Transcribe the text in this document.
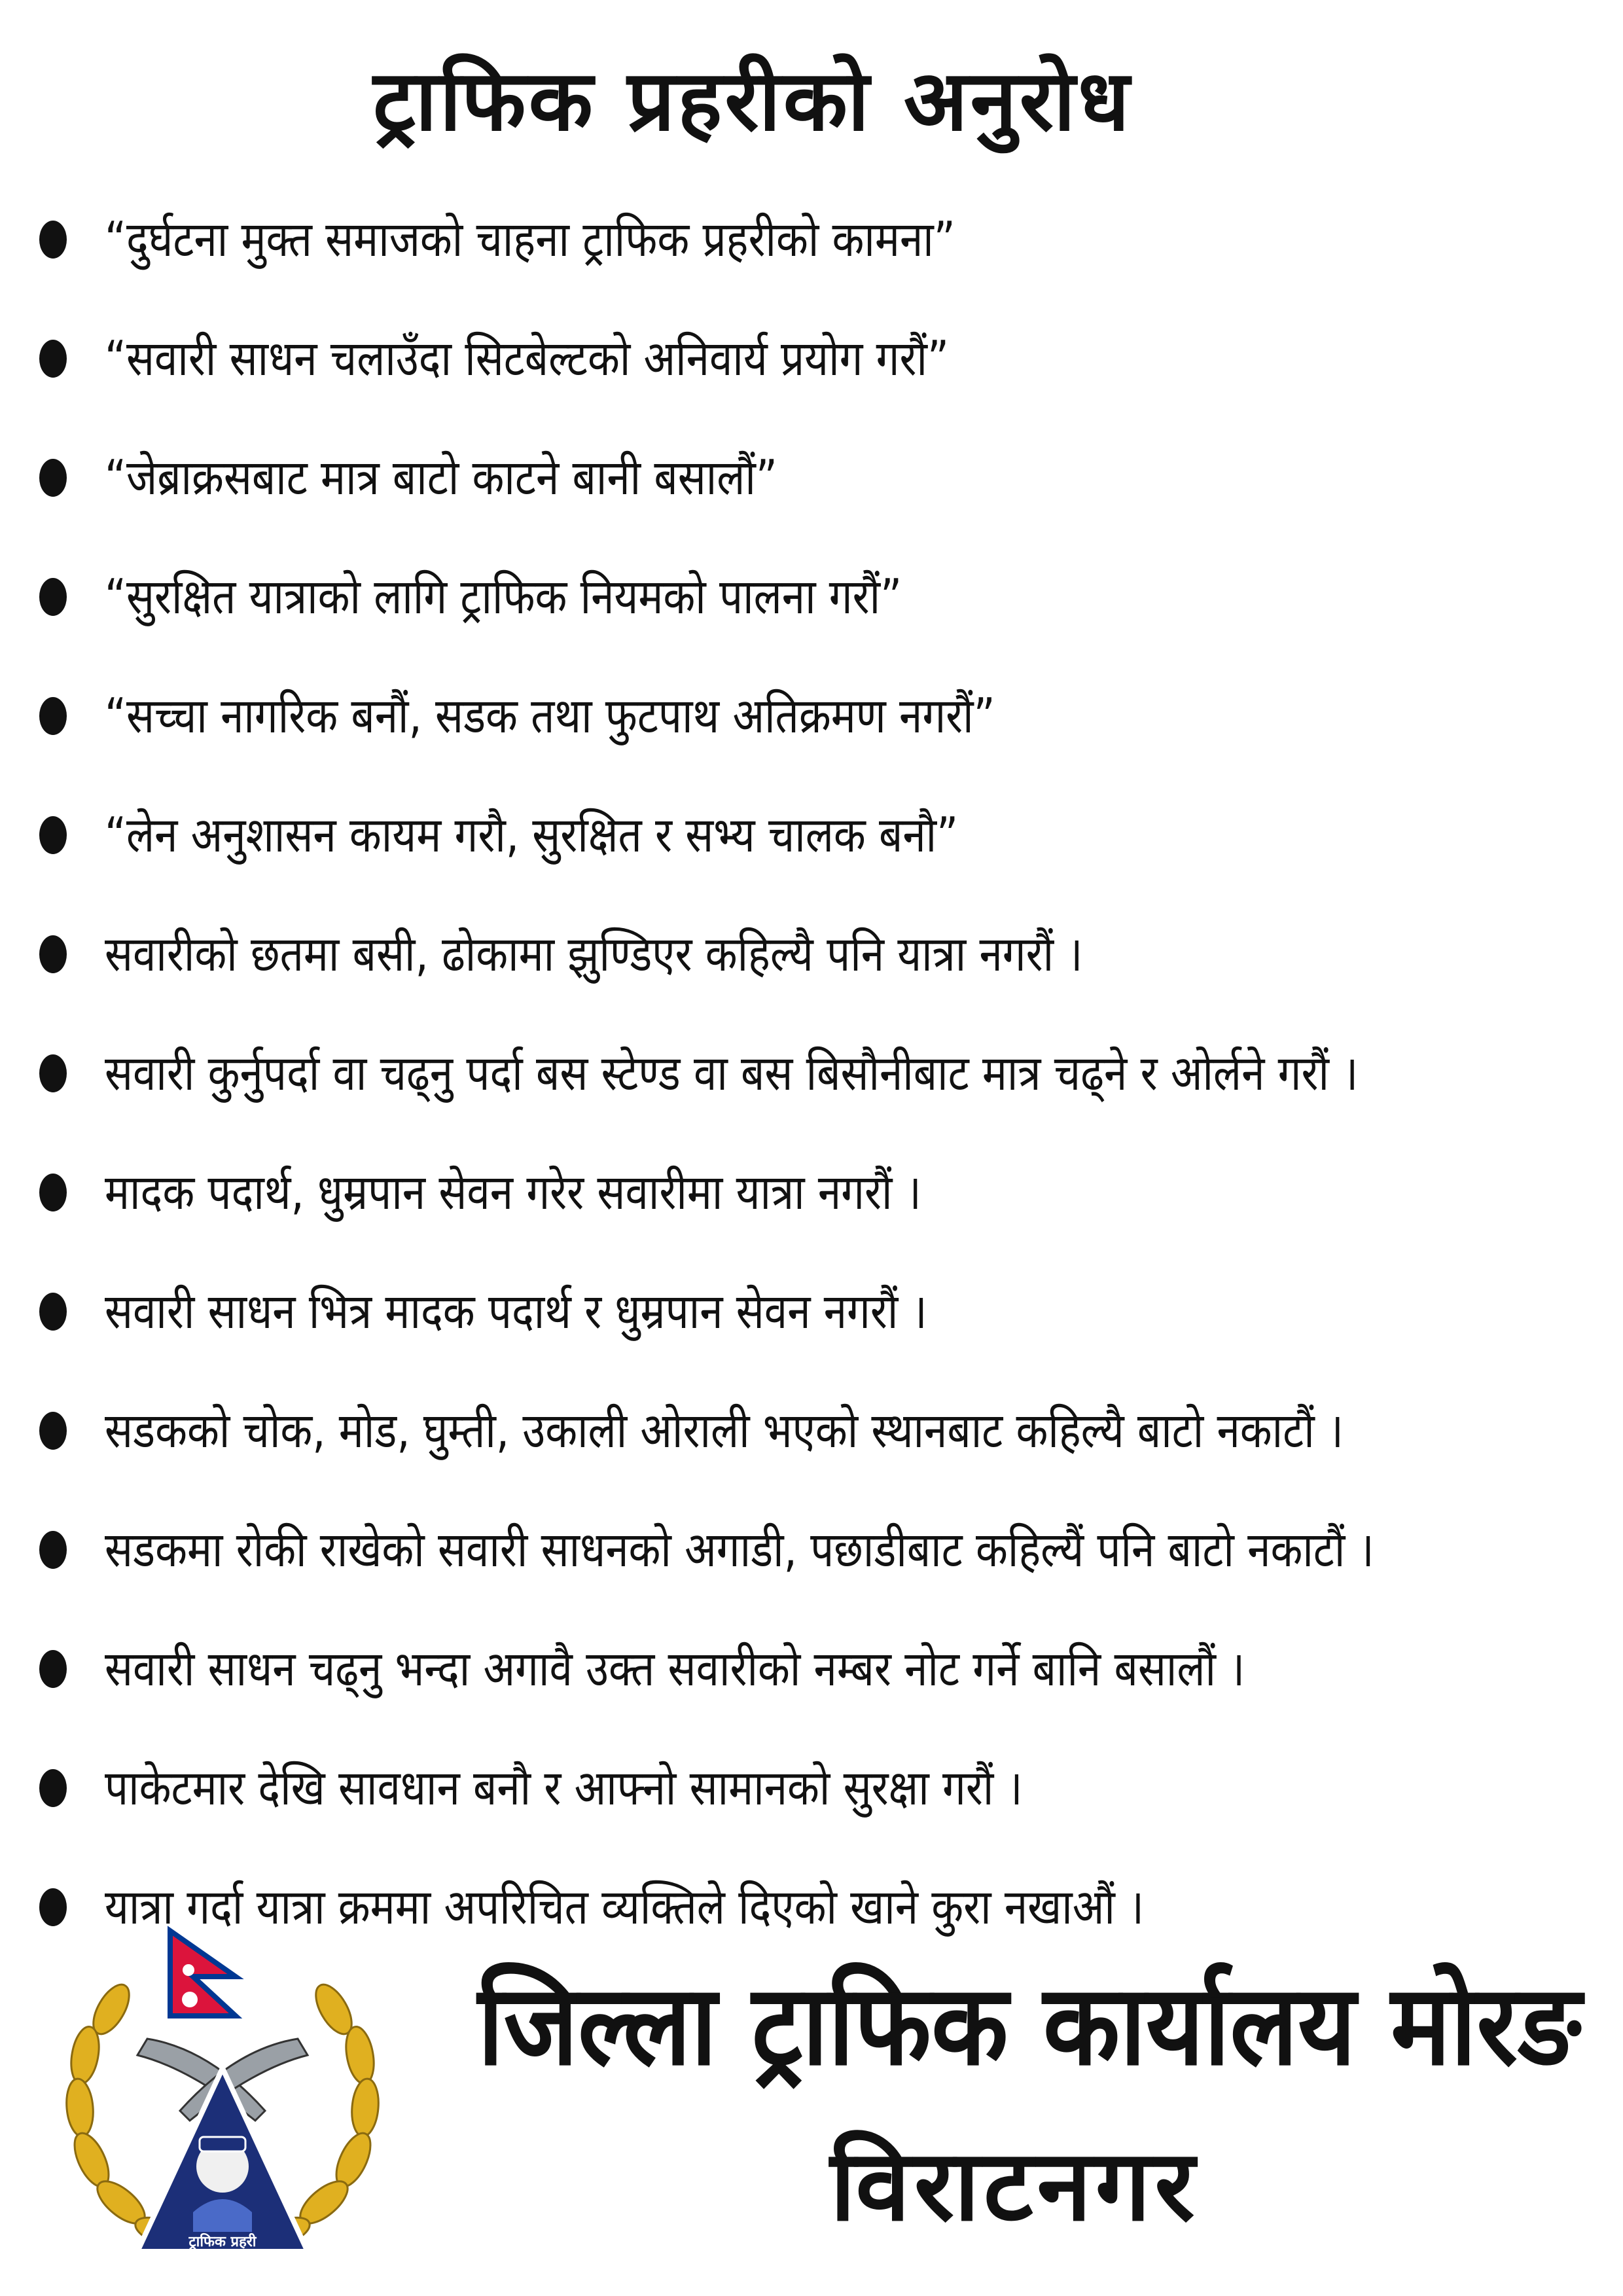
ट्राफिक प्रहरीको अनुरोध
“दुर्घटना मुक्त समाजको चाहना ट्राफिक प्रहरीको कामना”
“सवारी साधन चलाउँदा सिटबेल्टको अनिवार्य प्रयोग गरौं”
“जेब्राक्रसबाट मात्र बाटो काटने बानी बसालौं”
“सुरक्षित यात्राको लागि ट्राफिक नियमको पालना गरौं”
“सच्चा नागरिक बनौं, सडक तथा फुटपाथ अतिक्रमण नगरौं”
“लेन अनुशासन कायम गरौ, सुरक्षित र सभ्य चालक बनौ”
सवारीको छतमा बसी, ढोकामा झुण्डिएर कहिल्यै पनि यात्रा नगरौं ।
सवारी कुर्नुपर्दा वा चढ्नु पर्दा बस स्टेण्ड वा बस बिसौनीबाट मात्र चढ्ने र ओर्लने गरौं ।
मादक पदार्थ, धुम्रपान सेवन गरेर सवारीमा यात्रा नगरौं ।
सवारी साधन भित्र मादक पदार्थ र धुम्रपान सेवन नगरौं ।
सडकको चोक, मोड, घुम्ती, उकाली ओराली भएको स्थानबाट कहिल्यै बाटो नकाटौं ।
सडकमा रोकी राखेको सवारी साधनको अगाडी, पछाडीबाट कहिल्यैं पनि बाटो नकाटौं ।
सवारी साधन चढ्नु भन्दा अगावै उक्त सवारीको नम्बर नोट गर्ने बानि बसालौं ।
पाकेटमार देखि सावधान बनौ र आफ्नो सामानको सुरक्षा गरौं ।
यात्रा गर्दा यात्रा क्रममा अपरिचित व्यक्तिले दिएको खाने कुरा नखाऔं ।
ट्राफिक प्रहरी
जिल्ला ट्राफिक कार्यालय मोरङ
विराटनगर
